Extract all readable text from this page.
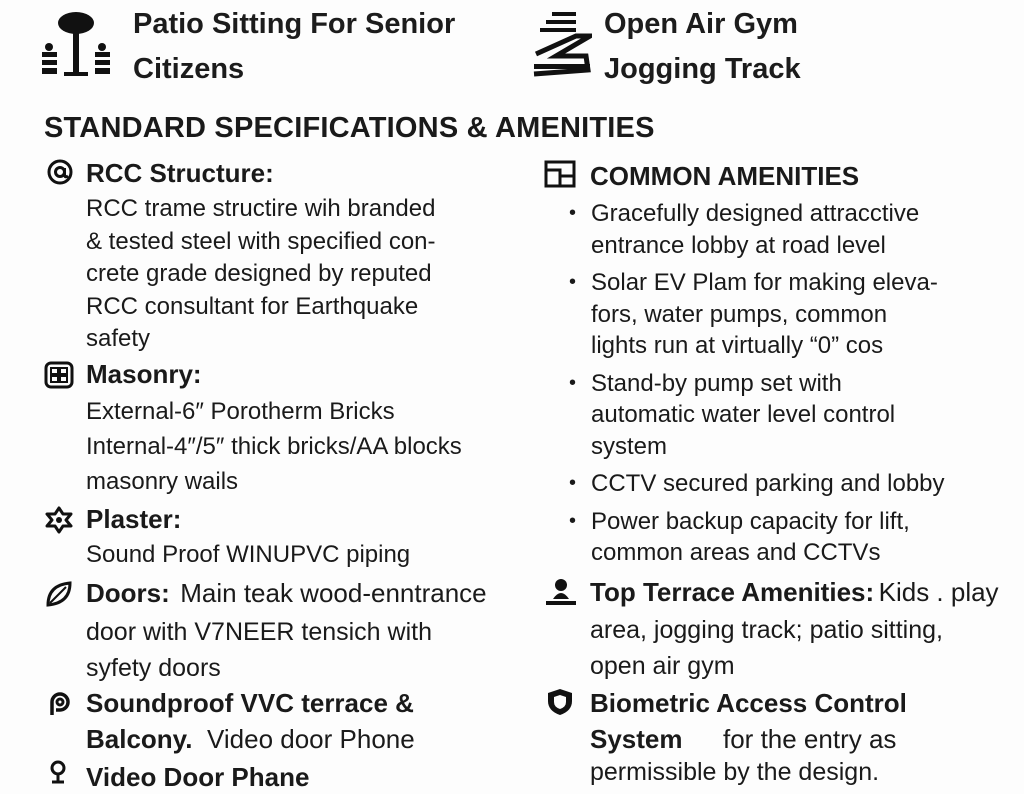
Patio Sitting For Senior
Citizens
Open Air Gym
Jogging Track
STANDARD SPECIFICATIONS & AMENITIES
RCC Structure:
RCC trame structire wih branded
& tested steel with specified con-
crete grade designed by reputed
RCC consultant for Earthquake
safety
Masonry:
External-6″ Porotherm Bricks
Internal-4″/5″ thick bricks/AA blocks
masonry wails
Plaster:
Sound Proof WINUPVC piping
Doors: Main teak wood-enntrance
door with V7NEER tensich with
syfety doors
Soundproof VVC terrace &
Balcony. Video door Phone
Video Door Phane
COMMON AMENITIES
• Gracefully designed attracctive
entrance lobby at road level
• Solar EV Plam for making eleva-
fors, water pumps, common
lights run at virtually “0” cos
• Stand-by pump set with
automatic water level control
system
• CCTV secured parking and lobby
• Power backup capacity for lift,
common areas and CCTVs
Top Terrace Amenities: Kids . play
area, jogging track; patio sitting,
open air gym
Biometric Access Control
System	for the entry as
permissible by the design.
